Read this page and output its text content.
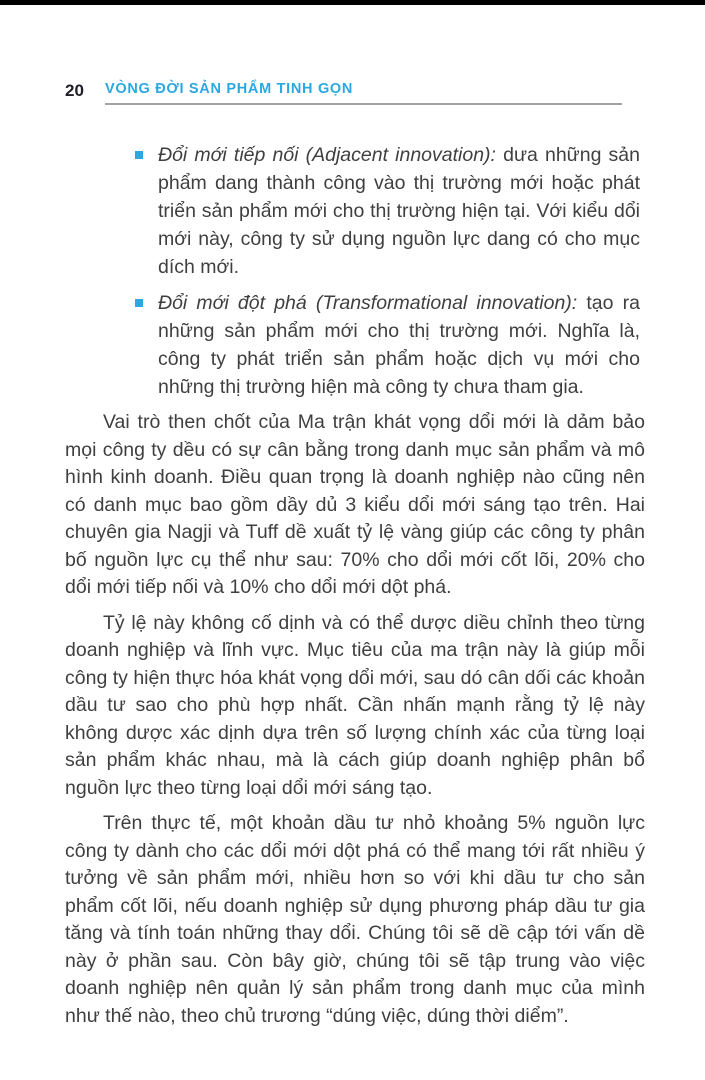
20	VÒNG ĐỜI SẢN PHẨM TINH GỌN
Đổi mới tiếp nối (Adjacent innovation): dưa những sản phẩm dang thành công vào thị trường mới hoặc phát triển sản phẩm mới cho thị trường hiện tại. Với kiểu dổi mới này, công ty sử dụng nguồn lực dang có cho mục dích mới.
Đổi mới đột phá (Transformational innovation): tạo ra những sản phẩm mới cho thị trường mới. Nghĩa là, công ty phát triển sản phẩm hoặc dịch vụ mới cho những thị trường hiện mà công ty chưa tham gia.

Vai trò then chốt của Ma trận khát vọng dổi mới là dảm bảo mọi công ty dều có sự cân bằng trong danh mục sản phẩm và mô hình kinh doanh. Điều quan trọng là doanh nghiệp nào cũng nên có danh mục bao gồm dầy dủ 3 kiểu dổi mới sáng tạo trên. Hai chuyên gia Nagji và Tuff dề xuất tỷ lệ vàng giúp các công ty phân bố nguồn lực cụ thể như sau: 70% cho dổi mới cốt lõi, 20% cho dổi mới tiếp nối và 10% cho dổi mới dột phá.

Tỷ lệ này không cố dịnh và có thể dược diều chỉnh theo từng doanh nghiệp và lĩnh vực. Mục tiêu của ma trận này là giúp mỗi công ty hiện thực hóa khát vọng dổi mới, sau dó cân dối các khoản dầu tư sao cho phù hợp nhất. Cần nhấn mạnh rằng tỷ lệ này không dược xác dịnh dựa trên số lượng chính xác của từng loại sản phẩm khác nhau, mà là cách giúp doanh nghiệp phân bổ nguồn lực theo từng loại dổi mới sáng tạo.

Trên thực tế, một khoản dầu tư nhỏ khoảng 5% nguồn lực công ty dành cho các dổi mới dột phá có thể mang tới rất nhiều ý tưởng về sản phẩm mới, nhiều hơn so với khi dầu tư cho sản phẩm cốt lõi, nếu doanh nghiệp sử dụng phương pháp dầu tư gia tăng và tính toán những thay dổi. Chúng tôi sẽ dề cập tới vấn dề này ở phần sau. Còn bây giờ, chúng tôi sẽ tập trung vào việc doanh nghiệp nên quản lý sản phẩm trong danh mục của mình như thế nào, theo chủ trương “dúng việc, dúng thời diểm”.
